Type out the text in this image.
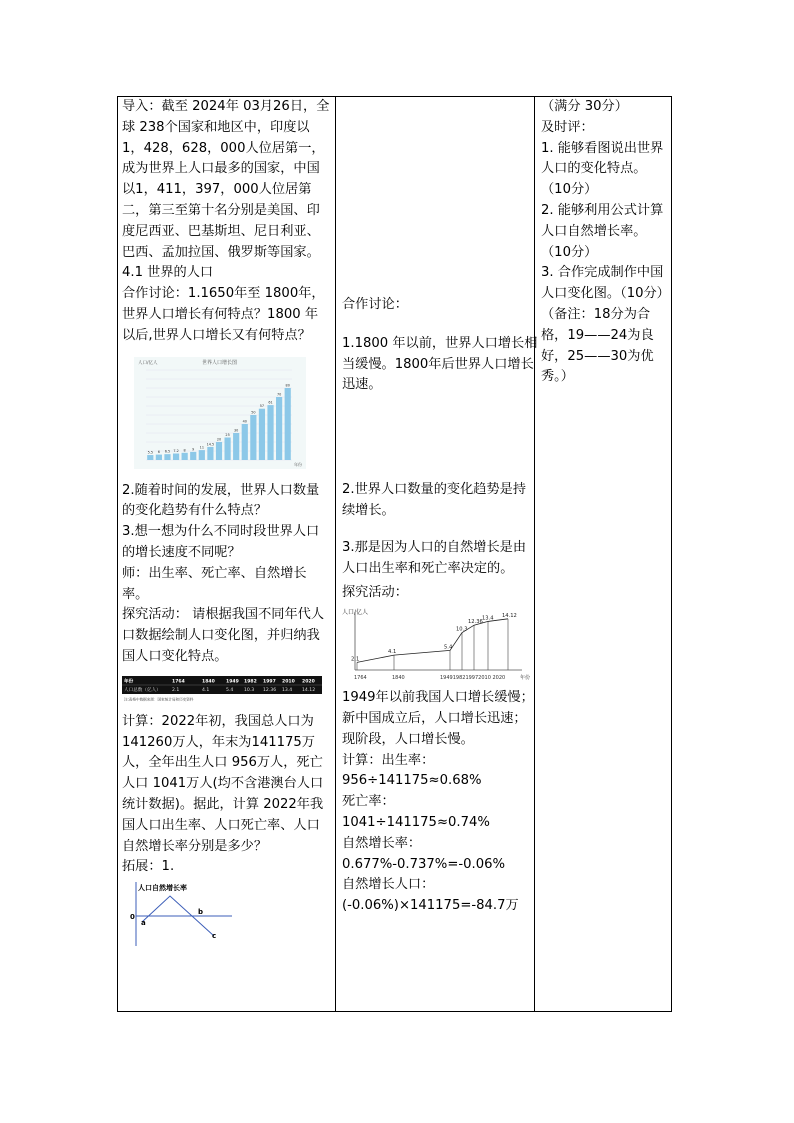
导入：截至 2024年 03月26日，全球 238个国家和地区中，印度以1，428，628，000人位居第一，成为世界上人口最多的国家，中国以1，411，397，000人位居第二，第三至第十名分别是美国、印度尼西亚、巴基斯坦、尼日利亚、巴西、孟加拉国、俄罗斯等国家。

4.1 世界的人口

合作讨论：1.1650年至 1800年，世界人口增长有何特点？1800 年以后,世界人口增长又有何特点？

人口/亿人	世界人口增长图
年份
5.5 6 6.5 7.2 8 9 11
14.5
20
25
30
40
50
57
61
70
80

2.随着时间的发展，世界人口数量的变化趋势有什么特点？

3.想一想为什么不同时段世界人口的增长速度不同呢？

师：出生率、死亡率、自然增长率。

探究活动： 请根据我国不同年代人口数据绘制人口变化图，并归纳我国人口变化特点。

年份	1764	1840 1949 1982 1997 2010 2020
人口总数（亿人） 2.1	4.1	5.4 10.3 12.36 13.4 14.12
注:表格中数据来源：国家统计局和历史资料

计算：2022年初，我国总人口为141260万人，年末为141175万人，全年出生人口 956万人，死亡人口 1041万人(均不含港澳台人口统计数据)。据此，计算 2022年我国人口出生率、人口死亡率、人口自然增长率分别是多少？

拓展：1.

人口自然增长率
0
a
b
c

合作讨论：

1.1800 年以前，世界人口增长相当缓慢。1800年后世界人口增长迅速。

2.世界人口数量的变化趋势是持续增长。

3.那是因为人口的自然增长是由人口出生率和死亡率决定的。

探究活动：

人口/亿人
2.1
4.1
5.4
10.3
12.36
13.4 14.12
1764	1840	1949198219972010 2020	年份

1949年以前我国人口增长缓慢；新中国成立后，人口增长迅速；现阶段，人口增长慢。

计算：出生率：956÷141175≈0.68%

死亡率：1041÷141175≈0.74%

自然增长率：

0.677%-0.737%=-0.06%

自然增长人口：(-0.06%)×141175=-84.7万

（满分 30分）

及时评：

1. 能够看图说出世界人口的变化特点。

（10分）

2. 能够利用公式计算人口自然增长率。

（10分）

3. 合作完成制作中国人口变化图。（10分）

（备注：18分为合格，19——24为良好，25——30为优秀。）
